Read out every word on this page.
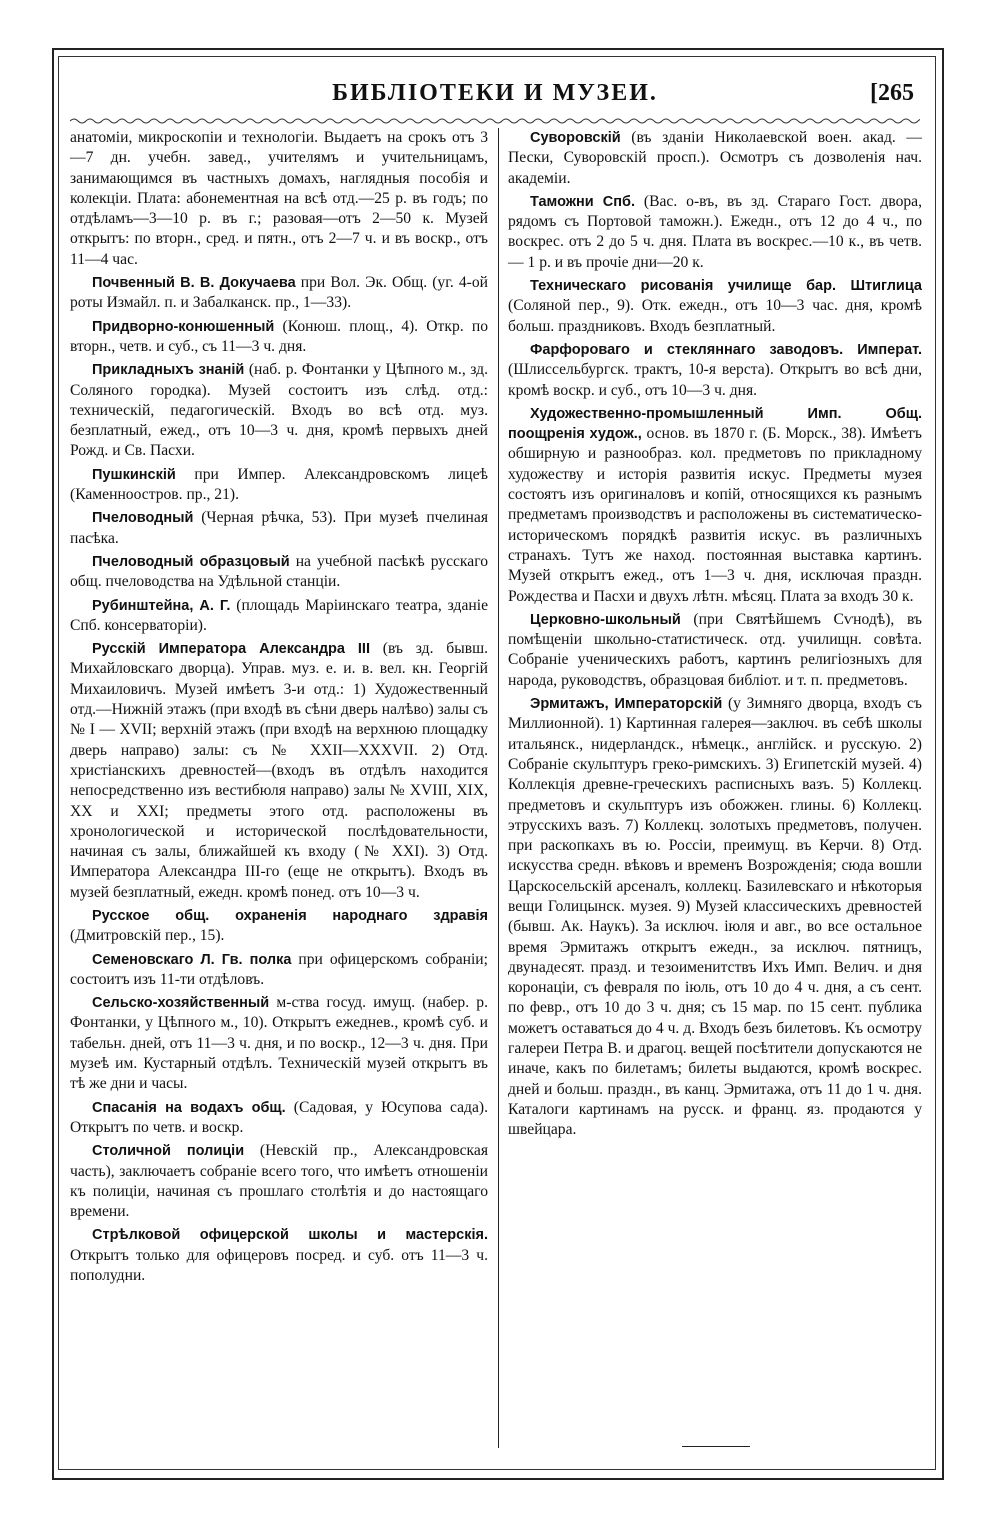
БИБЛІОТЕКИ И МУЗЕИ.	[265

анатоміи, микроскопіи и технологіи. Выдаетъ на срокъ отъ 3—7 дн. учебн. завед., учителямъ и учительницамъ, занимающимся въ частныхъ домахъ, наглядныя пособія и колекціи. Плата: абонементная на всѣ отд.—25 р. въ годъ; по отдѣламъ—3—10 р. въ г.; разовая—отъ 2—50 к. Музей открытъ: по вторн., сред. и пятн., отъ 2—7 ч. и въ воскр., отъ 11—4 час.

Почвенный В. В. Докучаева при Вол. Эк. Общ. (уг. 4-ой роты Измайл. п. и Забалканск. пр., 1—33).

Придворно-конюшенный (Конюш. площ., 4). Откр. по вторн., четв. и суб., съ 11—3 ч. дня.

Прикладныхъ знаній (наб. р. Фонтанки у Цѣпного м., зд. Соляного городка). Музей состоитъ изъ слѣд. отд.: техническій, педагогическій. Входъ во всѣ отд. муз. безплатный, ежед., отъ 10—3 ч. дня, кромѣ первыхъ дней Рожд. и Св. Пасхи.

Пушкинскій при Импер. Александровскомъ лицеѣ (Каменноостров. пр., 21).

Пчеловодный (Черная рѣчка, 53). При музеѣ пчелиная пасѣка.

Пчеловодный образцовый на учебной пасѣкѣ русскаго общ. пчеловодства на Удѣльной станціи.

Рубинштейна, А. Г. (площадь Маріинскаго театра, зданіе Спб. консерваторіи).

Русскій Императора Александра III (въ зд. бывш. Михайловскаго дворца). Управ. муз. е. и. в. вел. кн. Георгій Михаиловичъ. Музей имѣетъ 3-и отд.: 1) Художественный отд.—Нижній этажъ (при входѣ въ сѣни дверь налѣво) залы съ № I — XVII; верхній этажъ (при входѣ на верхнюю площадку дверь направо) залы: съ № XXII—XXXVII. 2) Отд. христіанскихъ древностей—(входъ въ отдѣлъ находится непосредственно изъ вестибюля направо) залы № XVIII, XIX, XX и XXI; предметы этого отд. расположены въ хронологической и исторической послѣдовательности, начиная съ залы, ближайшей къ входу (№ XXI). 3) Отд. Императора Александра III-го (еще не открытъ). Входъ въ музей безплатный, ежедн. кромѣ понед. отъ 10—3 ч.

Русское общ. охраненія народнаго здравія (Дмитровскій пер., 15).

Семеновскаго Л. Гв. полка при офицерскомъ собраніи; состоитъ изъ 11-ти отдѣловъ.

Сельско-хозяйственный м-ства госуд. имущ. (набер. р. Фонтанки, у Цѣпного м., 10). Открытъ ежеднев., кромѣ суб. и табельн. дней, отъ 11—3 ч. дня, и по воскр., 12—3 ч. дня. При музеѣ им. Кустарный отдѣлъ. Техническій музей открытъ въ тѣ же дни и часы.

Спасанія на водахъ общ. (Садовая, у Юсупова сада). Открытъ по четв. и воскр.

Столичной полиціи (Невскій пр., Александровская часть), заключаетъ собраніе всего того, что имѣетъ отношеніи къ полиціи, начиная съ прошлаго столѣтія и до настоящаго времени.

Стрѣлковой офицерской школы и мастерскія. Открытъ только для офицеровъ посред. и суб. отъ 11—3 ч. пополудни.

Суворовскій (въ зданіи Николаевской воен. акад. — Пески, Суворовскій просп.). Осмотръ съ дозволенія нач. академіи.

Таможни Спб. (Вас. о-въ, въ зд. Стараго Гост. двора, рядомъ съ Портовой таможн.). Ежедн., отъ 12 до 4 ч., по воскрес. отъ 2 до 5 ч. дня. Плата въ воскрес.—10 к., въ четв.— 1 р. и въ прочіе дни—20 к.

Техническаго рисованія училище бар. Штиглица (Соляной пер., 9). Отк. ежедн., отъ 10—3 час. дня, кромѣ больш. праздниковъ. Входъ безплатный.

Фарфороваго и стекляннаго заводовъ. Императ. (Шлиссельбургск. трактъ, 10-я верста). Открытъ во всѣ дни, кромѣ воскр. и суб., отъ 10—3 ч. дня.

Художественно-промышленный Имп. Общ. поощренія худож., основ. въ 1870 г. (Б. Морск., 38). Имѣетъ обширную и разнообраз. кол. предметовъ по прикладному художеству и исторія развитія искус. Предметы музея состоятъ изъ оригиналовъ и копій, относящихся къ разнымъ предметамъ производствъ и расположены въ систематическо-историческомъ порядкѣ развитія искус. въ различныхъ странахъ. Тутъ же наход. постоянная выставка картинъ. Музей открытъ ежед., отъ 1—3 ч. дня, исключая праздн. Рождества и Пасхи и двухъ лѣтн. мѣсяц. Плата за входъ 30 к.

Церковно-школьный (при Святѣйшемъ Сѵнодѣ), въ помѣщеніи школьно-статистическ. отд. училищн. совѣта. Собраніе ученическихъ работъ, картинъ религіозныхъ для народа, руководствъ, образцовая библіот. и т. п. предметовъ.

Эрмитажъ, Императорскій (у Зимняго дворца, входъ съ Миллионной). 1) Картинная галерея—заключ. въ себѣ школы итальянск., нидерландск., нѣмецк., англійск. и русскую. 2) Собраніе скульптуръ греко-римскихъ. 3) Египетскій музей. 4) Коллекція древне-греческихъ расписныхъ вазъ. 5) Коллекц. предметовъ и скульптуръ изъ обожжен. глины. 6) Коллекц. этрусскихъ вазъ. 7) Коллекц. золотыхъ предметовъ, получен. при раскопкахъ въ ю. Россіи, преимущ. въ Керчи. 8) Отд. искусства средн. вѣковъ и временъ Возрожденія; сюда вошли Царскосельскій арсеналъ, коллекц. Базилевскаго и нѣкоторыя вещи Голицынск. музея. 9) Музей классическихъ древностей (бывш. Ак. Наукъ). За исключ. іюля и авг., во все остальное время Эрмитажъ открытъ ежедн., за исключ. пятницъ, двунадесят. празд. и тезоименитствъ Ихъ Имп. Велич. и дня коронаціи, съ февраля по іюль, отъ 10 до 4 ч. дня, а съ сент. по февр., отъ 10 до 3 ч. дня; съ 15 мар. по 15 сент. публика можетъ оставаться до 4 ч. д. Входъ безъ билетовъ. Къ осмотру галереи Петра В. и драгоц. вещей посѣтители допускаются не иначе, какъ по билетамъ; билеты выдаются, кромѣ воскрес. дней и больш. праздн., въ канц. Эрмитажа, отъ 11 до 1 ч. дня. Каталоги картинамъ на русск. и франц. яз. продаются у швейцара.
